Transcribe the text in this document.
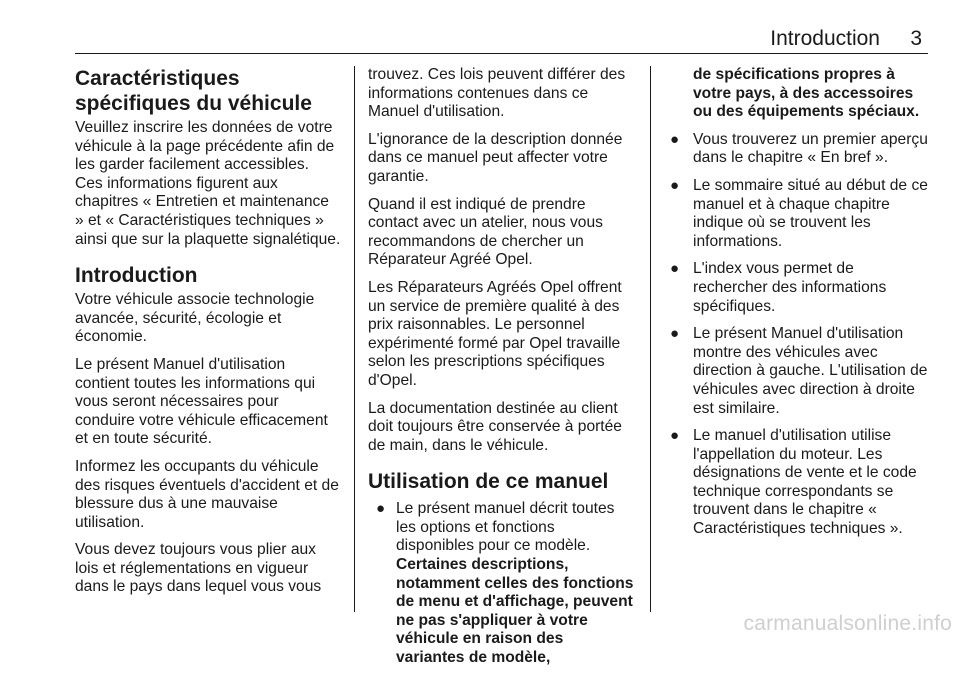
Introduction 3
Caractéristiques spécifiques du véhicule

Veuillez inscrire les données de votre véhicule à la page précédente afin de les garder facilement accessibles. Ces informations figurent aux chapitres « Entretien et maintenance » et « Caractéristiques techniques » ainsi que sur la plaquette signalétique.

Introduction

Votre véhicule associe technologie avancée, sécurité, écologie et économie.

Le présent Manuel d'utilisation contient toutes les informations qui vous seront nécessaires pour conduire votre véhicule efficacement et en toute sécurité.

Informez les occupants du véhicule des risques éventuels d'accident et de blessure dus à une mauvaise utilisation.

Vous devez toujours vous plier aux lois et réglementations en vigueur dans le pays dans lequel vous vous

trouvez. Ces lois peuvent différer des informations contenues dans ce Manuel d'utilisation.

L'ignorance de la description donnée dans ce manuel peut affecter votre garantie.

Quand il est indiqué de prendre contact avec un atelier, nous vous recommandons de chercher un Réparateur Agréé Opel.

Les Réparateurs Agréés Opel offrent un service de première qualité à des prix raisonnables. Le personnel expérimenté formé par Opel travaille selon les prescriptions spécifiques d'Opel.

La documentation destinée au client doit toujours être conservée à portée de main, dans le véhicule.

Utilisation de ce manuel
● Le présent manuel décrit toutes les options et fonctions disponibles pour ce modèle. Certaines descriptions, notamment celles des fonctions de menu et d'affichage, peuvent ne pas s'appliquer à votre véhicule en raison des variantes de modèle,
de spécifications propres à votre pays, à des accessoires ou des équipements spéciaux.
● Vous trouverez un premier aperçu dans le chapitre « En bref ».
● Le sommaire situé au début de ce manuel et à chaque chapitre indique où se trouvent les informations.
● L'index vous permet de rechercher des informations spécifiques.
● Le présent Manuel d'utilisation montre des véhicules avec direction à gauche. L'utilisation de véhicules avec direction à droite est similaire.
● Le manuel d'utilisation utilise l'appellation du moteur. Les désignations de vente et le code technique correspondants se trouvent dans le chapitre « Caractéristiques techniques ».
carmanualsonline.info
